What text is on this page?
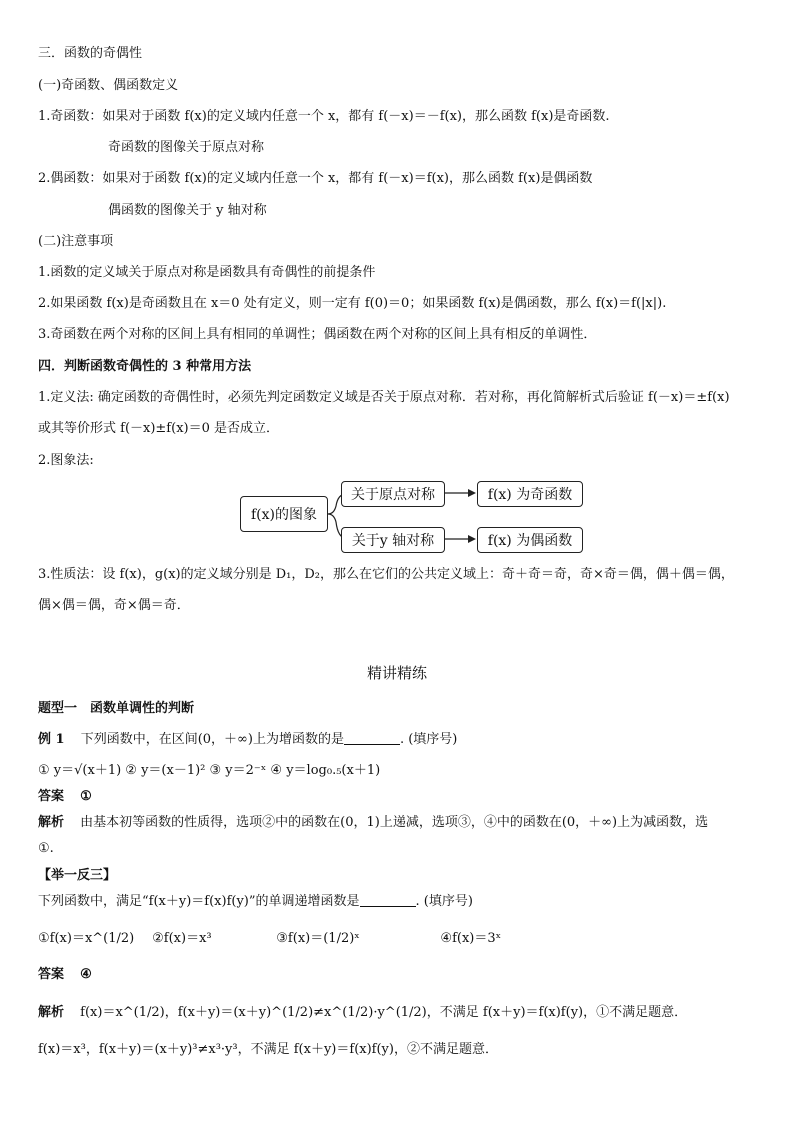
三．函数的奇偶性
(一)奇函数、偶函数定义
1.奇函数：如果对于函数 f(x)的定义域内任意一个 x，都有 f(－x)＝－f(x)，那么函数 f(x)是奇函数.
奇函数的图像关于原点对称
2.偶函数：如果对于函数 f(x)的定义域内任意一个 x，都有 f(－x)＝f(x)，那么函数 f(x)是偶函数
偶函数的图像关于 y 轴对称
(二)注意事项
1.函数的定义域关于原点对称是函数具有奇偶性的前提条件
2.如果函数 f(x)是奇函数且在 x＝0 处有定义，则一定有 f(0)＝0；如果函数 f(x)是偶函数，那么 f(x)＝f(|x|).
3.奇函数在两个对称的区间上具有相同的单调性；偶函数在两个对称的区间上具有相反的单调性．
四．判断函数奇偶性的 3 种常用方法
1.定义法: 确定函数的奇偶性时，必须先判定函数定义域是否关于原点对称．若对称，再化简解析式后验证 f(－x)＝±f(x)
或其等价形式 f(－x)±f(x)＝0 是否成立．
2.图象法:
f(x)的图象
关于原点对称	f(x) 为奇函数
关于y 轴对称	f(x) 为偶函数
3.性质法：设 f(x)，g(x)的定义域分别是 D₁，D₂，那么在它们的公共定义域上：奇＋奇＝奇，奇×奇＝偶，偶＋偶＝偶，
偶×偶＝偶，奇×偶＝奇．
精讲精练
题型一　函数单调性的判断
例 1 下列函数中，在区间(0，＋∞)上为增函数的是	. (填序号)
① y＝√(x＋1) ② y＝(x－1)² ③ y＝2⁻ˣ ④ y＝log₀.₅(x＋1)
答案 ①
解析 由基本初等函数的性质得，选项②中的函数在(0，1)上递减，选项③，④中的函数在(0，＋∞)上为减函数，选
①.
【举一反三】
下列函数中，满足“f(x＋y)＝f(x)f(y)”的单调递增函数是	. (填序号)
①f(x)＝x^(1/2) ②f(x)＝x³	③f(x)＝(1/2)ˣ	④f(x)＝3ˣ
答案 ④
解析 f(x)＝x^(1/2)，f(x＋y)＝(x＋y)^(1/2)≠x^(1/2)·y^(1/2)，不满足 f(x＋y)＝f(x)f(y)，①不满足题意．
f(x)＝x³，f(x＋y)＝(x＋y)³≠x³·y³，不满足 f(x＋y)＝f(x)f(y)，②不满足题意．
